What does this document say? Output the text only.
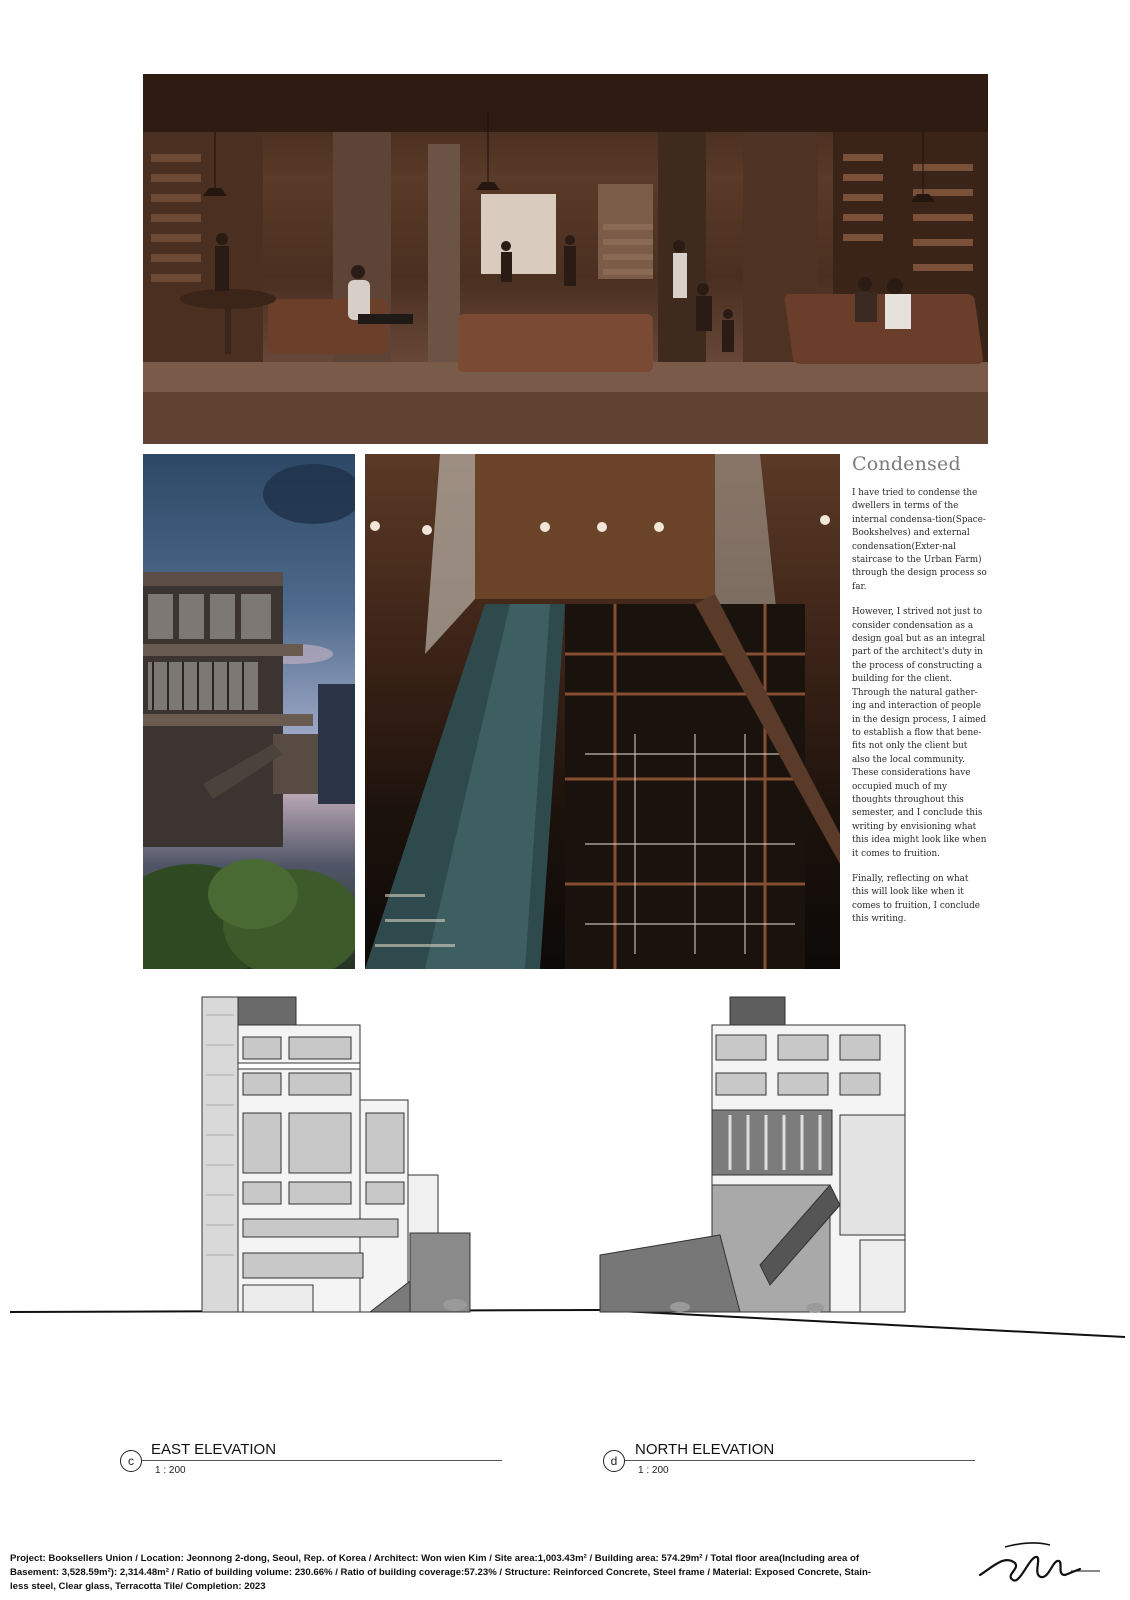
Condensed

I have tried to condense the dwellers in terms of the internal condensa-tion(Space-Bookshelves) and external condensation(Exter-nal staircase to the Urban Farm) through the design process so far.

However, I strived not just to consider condensation as a design goal but as an integral part of the architect's duty in the process of constructing a building for the client. Through the natural gather-ing and interaction of people in the design process, I aimed to establish a flow that bene-fits not only the client but also the local community. These considerations have occupied much of my thoughts throughout this semester, and I conclude this writing by envisioning what this idea might look like when it comes to fruition.

Finally, reflecting on what this will look like when it comes to fruition, I conclude this writing.

c
EAST ELEVATION
1 : 200
d
NORTH ELEVATION
1 : 200
Project: Booksellers Union / Location: Jeonnong 2-dong, Seoul, Rep. of Korea / Architect: Won wien Kim / Site area:1,003.43m² / Building area: 574.29m² / Total floor area(Including area of
Basement: 3,528.59m²): 2,314.48m² / Ratio of building volume: 230.66% / Ratio of building coverage:57.23% / Structure: Reinforced Concrete, Steel frame / Material: Exposed Concrete, Stain-
less steel, Clear glass, Terracotta Tile/ Completion: 2023
